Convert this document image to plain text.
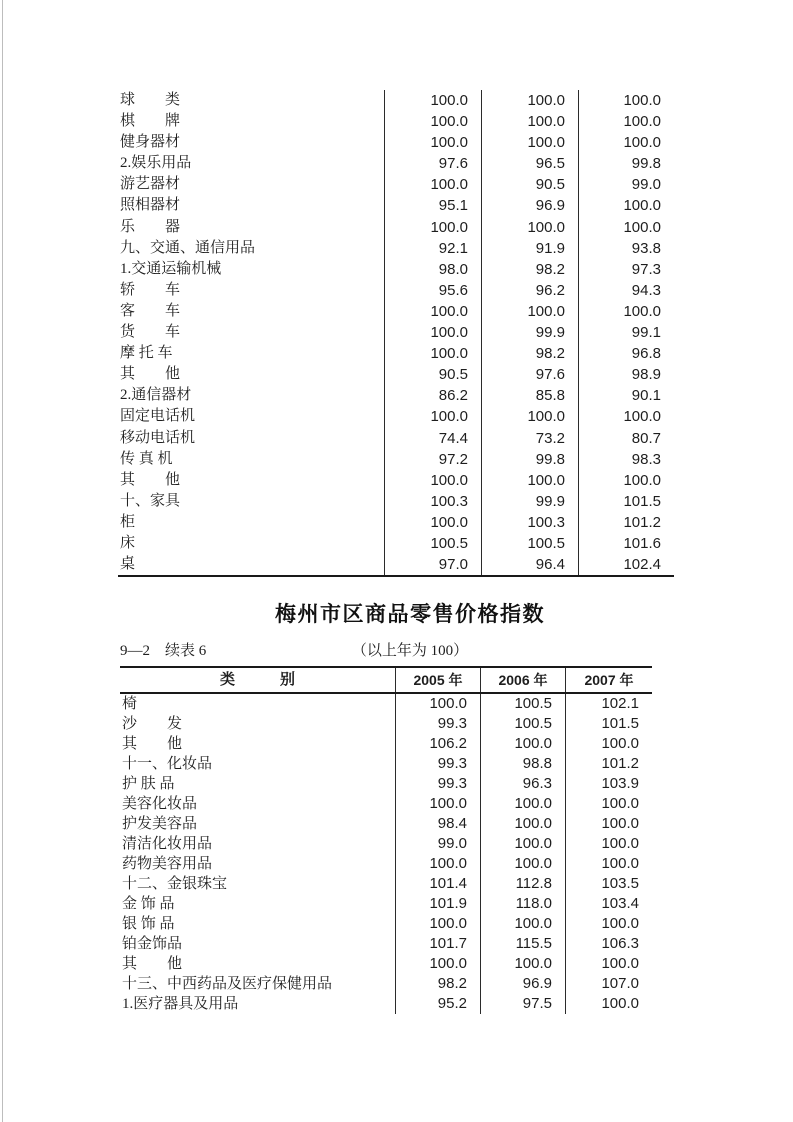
球　　类	100.0	100.0	100.0
棋　　牌	100.0	100.0	100.0
健身器材	100.0	100.0	100.0
2.娱乐用品	97.6	96.5	99.8
游艺器材	100.0	90.5	99.0
照相器材	95.1	96.9	100.0
乐　　器	100.0	100.0	100.0
九、交通、通信用品	92.1	91.9	93.8
1.交通运输机械	98.0	98.2	97.3
轿　　车	95.6	96.2	94.3
客　　车	100.0	100.0	100.0
货　　车	100.0	99.9	99.1
摩 托 车	100.0	98.2	96.8
其　　他	90.5	97.6	98.9
2.通信器材	86.2	85.8	90.1
固定电话机	100.0	100.0	100.0
移动电话机	74.4	73.2	80.7
传 真 机	97.2	99.8	98.3
其　　他	100.0	100.0	100.0
十、家具	100.3	99.9	101.5
柜	100.0	100.3	101.2
床	100.5	100.5	101.6
桌	97.0	96.4	102.4
梅州市区商品零售价格指数
9—2　续表 6	（以上年为 100）
类　　　别	2005 年	2006 年	2007 年
椅	100.0	100.5	102.1
沙　　发	99.3	100.5	101.5
其　　他	106.2	100.0	100.0
十一、化妆品	99.3	98.8	101.2
护 肤 品	99.3	96.3	103.9
美容化妆品	100.0	100.0	100.0
护发美容品	98.4	100.0	100.0
清洁化妆用品	99.0	100.0	100.0
药物美容用品	100.0	100.0	100.0
十二、金银珠宝	101.4	112.8	103.5
金 饰 品	101.9	118.0	103.4
银 饰 品	100.0	100.0	100.0
铂金饰品	101.7	115.5	106.3
其　　他	100.0	100.0	100.0
十三、中西药品及医疗保健用品	98.2	96.9	107.0
1.医疗器具及用品	95.2	97.5	100.0
